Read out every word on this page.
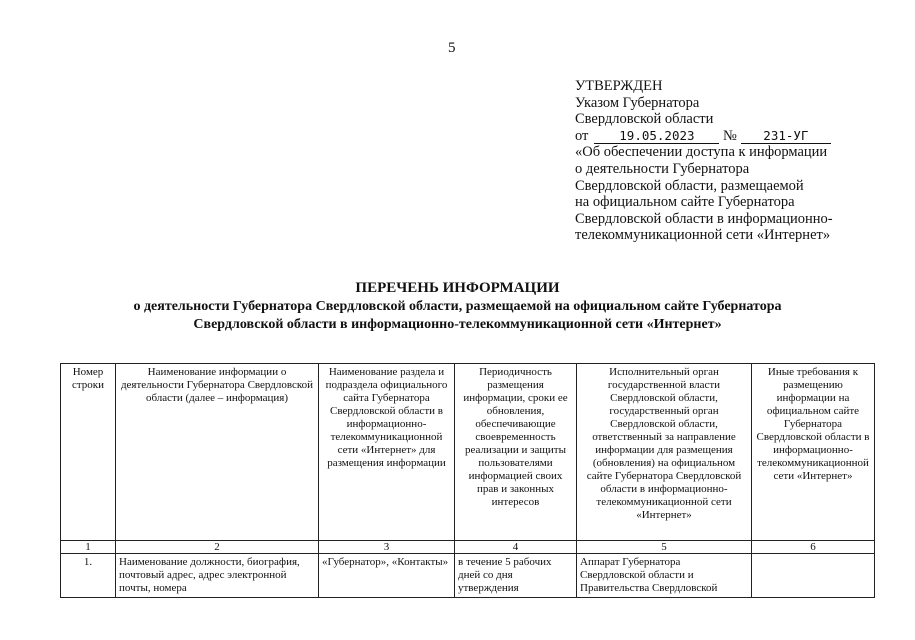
5
УТВЕРЖДЕН
Указом Губернатора
Свердловской области
от 19.05.2023 № 231-УГ
«Об обеспечении доступа к информации
о деятельности Губернатора
Свердловской области, размещаемой
на официальном сайте Губернатора
Свердловской области в информационно-
телекоммуникационной сети «Интернет»
ПЕРЕЧЕНЬ ИНФОРМАЦИИ
о деятельности Губернатора Свердловской области, размещаемой на официальном сайте Губернатора
Свердловской области в информационно-телекоммуникационной сети «Интернет»
Номер строки	Наименование информации о деятельности Губернатора Свердловской области (далее – информация)	Наименование раздела и подраздела официального сайта Губернатора Свердловской области в информационно-телекоммуникационной сети «Интернет» для размещения информации	Периодичность размещения информации, сроки ее обновления, обеспечивающие своевременность реализации и защиты пользователями информацией своих прав и законных интересов	Исполнительный орган государственной власти Свердловской области, государственный орган Свердловской области, ответственный за направление информации для размещения (обновления) на официальном сайте Губернатора Свердловской области в информационно-телекоммуникационной сети «Интернет»	Иные требования к размещению информации на официальном сайте Губернатора Свердловской области в информационно-телекоммуникационной сети «Интернет»
1	2	3	4	5	6
1.	Наименование должности, биография, почтовый адрес, адрес электронной почты, номера	«Губернатор», «Контакты»	в течение 5 рабочих дней со дня утверждения	Аппарат Губернатора Свердловской области и Правительства Свердловской	
